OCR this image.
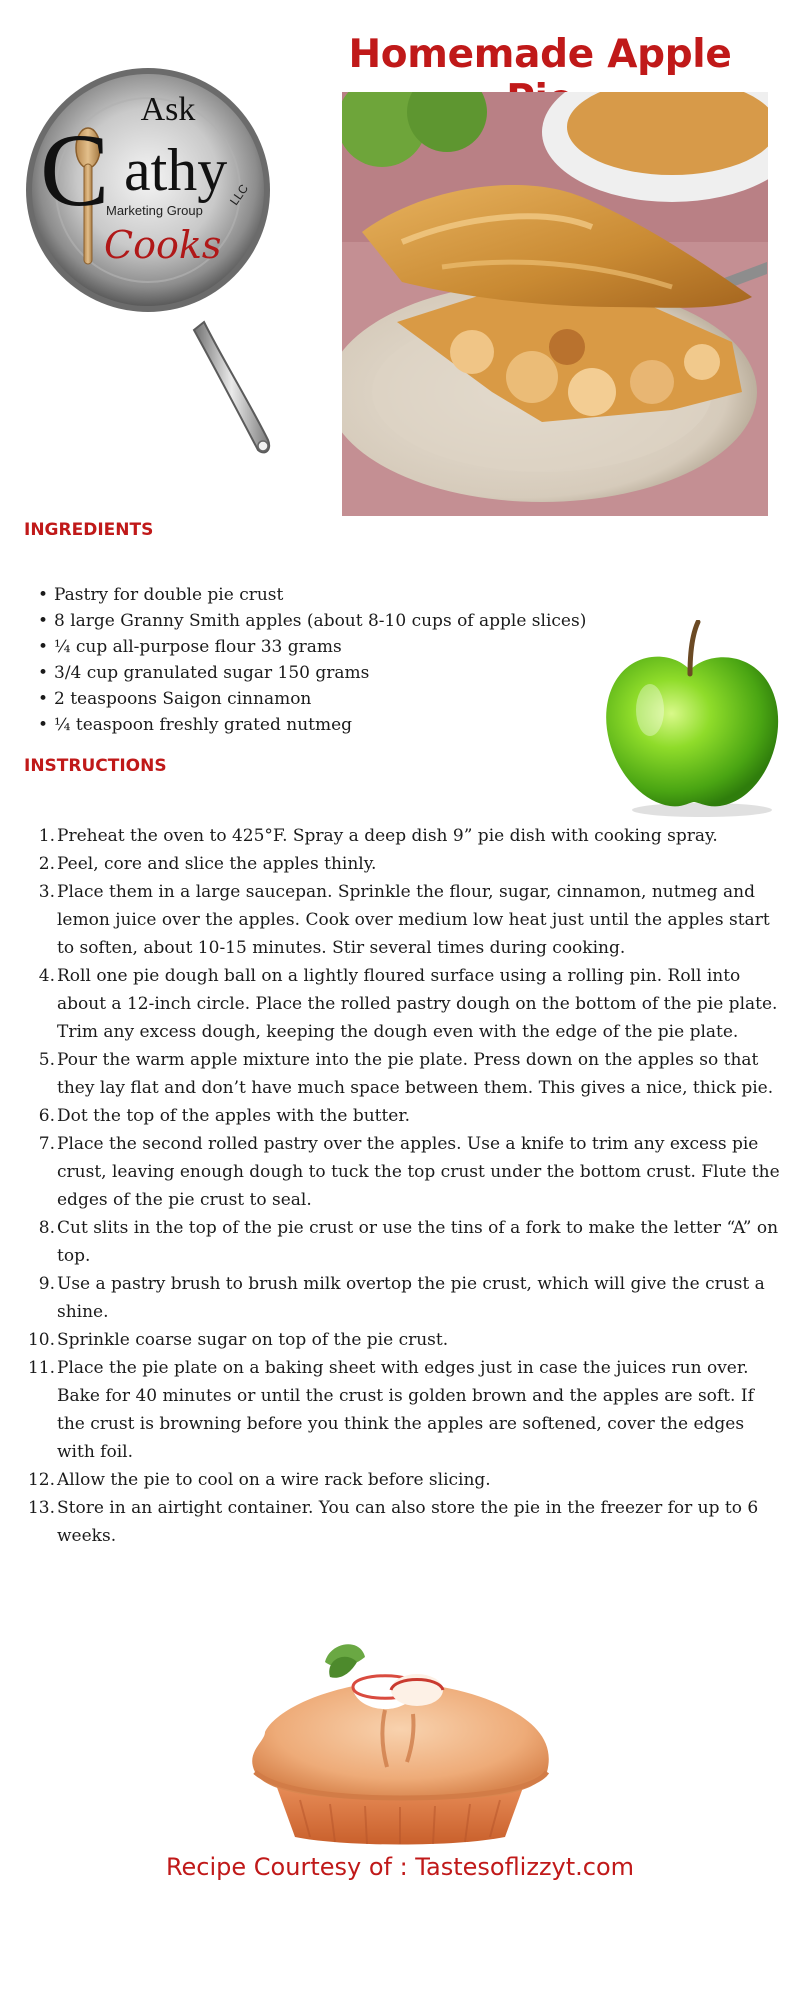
Ask
C athy
Marketing Group
LLC
Cooks
Homemade Apple
INGREDIENTS
• Pastry for double pie crust
• 8 large Granny Smith apples (about 8-10 cups of apple slices)
• ¼ cup all-purpose flour 33 grams
• 3/4 cup granulated sugar 150 grams
• 2 teaspoons Saigon cinnamon
• ¼ teaspoon freshly grated nutmeg
INSTRUCTIONS
1. Preheat the oven to 425°F. Spray a deep dish 9” pie dish with cooking spray.
2. Peel, core and slice the apples thinly.
3. Place them in a large saucepan. Sprinkle the flour, sugar, cinnamon, nutmeg and lemon juice over the apples. Cook over medium low heat just until the apples start to soften, about 10-15 minutes. Stir several times during cooking.
4. Roll one pie dough ball on a lightly floured surface using a rolling pin. Roll into about a 12-inch circle. Place the rolled pastry dough on the bottom of the pie plate. Trim any excess dough, keeping the dough even with the edge of the pie plate.
5. Pour the warm apple mixture into the pie plate. Press down on the apples so that they lay flat and don’t have much space between them. This gives a nice, thick pie.
6. Dot the top of the apples with the butter.
7. Place the second rolled pastry over the apples. Use a knife to trim any excess pie crust, leaving enough dough to tuck the top crust under the bottom crust. Flute the edges of the pie crust to seal.
8. Cut slits in the top of the pie crust or use the tins of a fork to make the letter “A” on top.
9. Use a pastry brush to brush milk overtop the pie crust, which will give the crust a shine.
10. Sprinkle coarse sugar on top of the pie crust.
11. Place the pie plate on a baking sheet with edges just in case the juices run over. Bake for 40 minutes or until the crust is golden brown and the apples are soft. If the crust is browning before you think the apples are softened, cover the edges with foil.
12. Allow the pie to cool on a wire rack before slicing.
13. Store in an airtight container. You can also store the pie in the freezer for up to 6 weeks.

Recipe Courtesy of : Tastesoflizzyt.com
